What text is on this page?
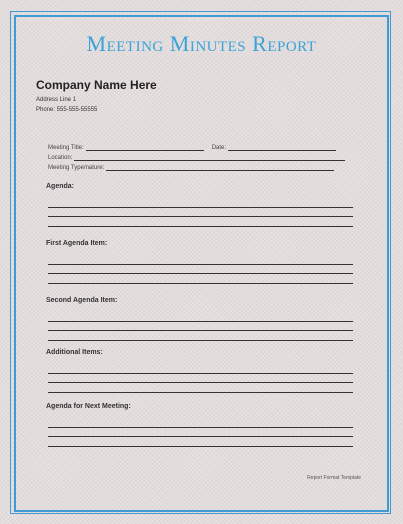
Meeting Minutes Report
Company Name Here
Address Line 1
Phone: 555-555-55555
Meeting Title:	Date:
Location:
Meeting Type/nature:
Agenda:
First Agenda Item:
Second Agenda Item:
Additional Items:
Agenda for Next Meeting:
Report Format Template
